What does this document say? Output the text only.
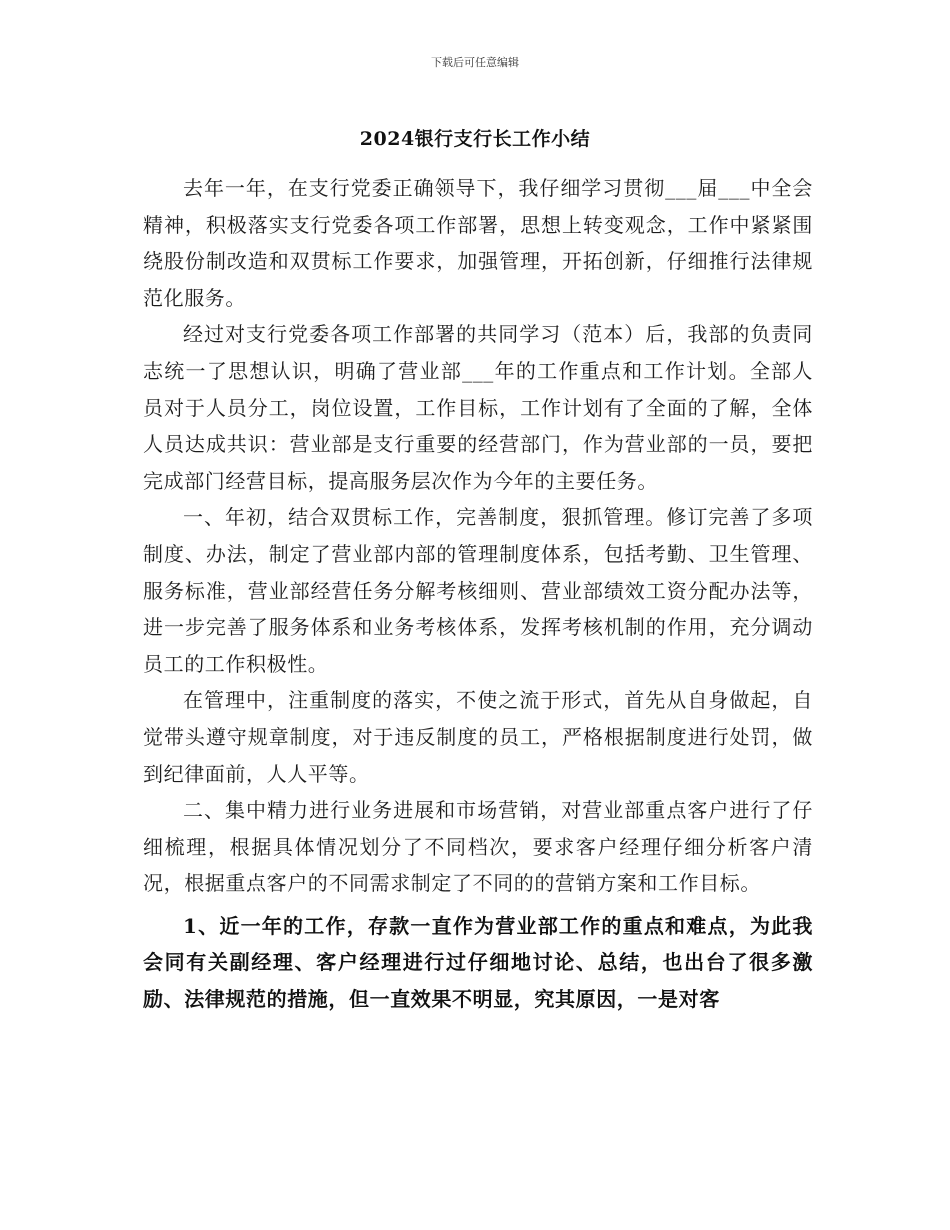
下载后可任意编辑
2024银行支行长工作小结

去年一年，在支行党委正确领导下，我仔细学习贯彻___届___中全会精神，积极落实支行党委各项工作部署，思想上转变观念，工作中紧紧围绕股份制改造和双贯标工作要求，加强管理，开拓创新，仔细推行法律规范化服务。

经过对支行党委各项工作部署的共同学习（范本）后，我部的负责同志统一了思想认识，明确了营业部___年的工作重点和工作计划。全部人员对于人员分工，岗位设置，工作目标，工作计划有了全面的了解，全体人员达成共识：营业部是支行重要的经营部门，作为营业部的一员，要把完成部门经营目标，提高服务层次作为今年的主要任务。

一、年初，结合双贯标工作，完善制度，狠抓管理。修订完善了多项制度、办法，制定了营业部内部的管理制度体系，包括考勤、卫生管理、服务标准，营业部经营任务分解考核细则、营业部绩效工资分配办法等，进一步完善了服务体系和业务考核体系，发挥考核机制的作用，充分调动员工的工作积极性。

在管理中，注重制度的落实，不使之流于形式，首先从自身做起，自觉带头遵守规章制度，对于违反制度的员工，严格根据制度进行处罚，做到纪律面前，人人平等。

二、集中精力进行业务进展和市场营销，对营业部重点客户进行了仔细梳理，根据具体情况划分了不同档次，要求客户经理仔细分析客户清况，根据重点客户的不同需求制定了不同的的营销方案和工作目标。

1、近一年的工作，存款一直作为营业部工作的重点和难点，为此我会同有关副经理、客户经理进行过仔细地讨论、总结，也出台了很多激励、法律规范的措施，但一直效果不明显，究其原因，一是对客
